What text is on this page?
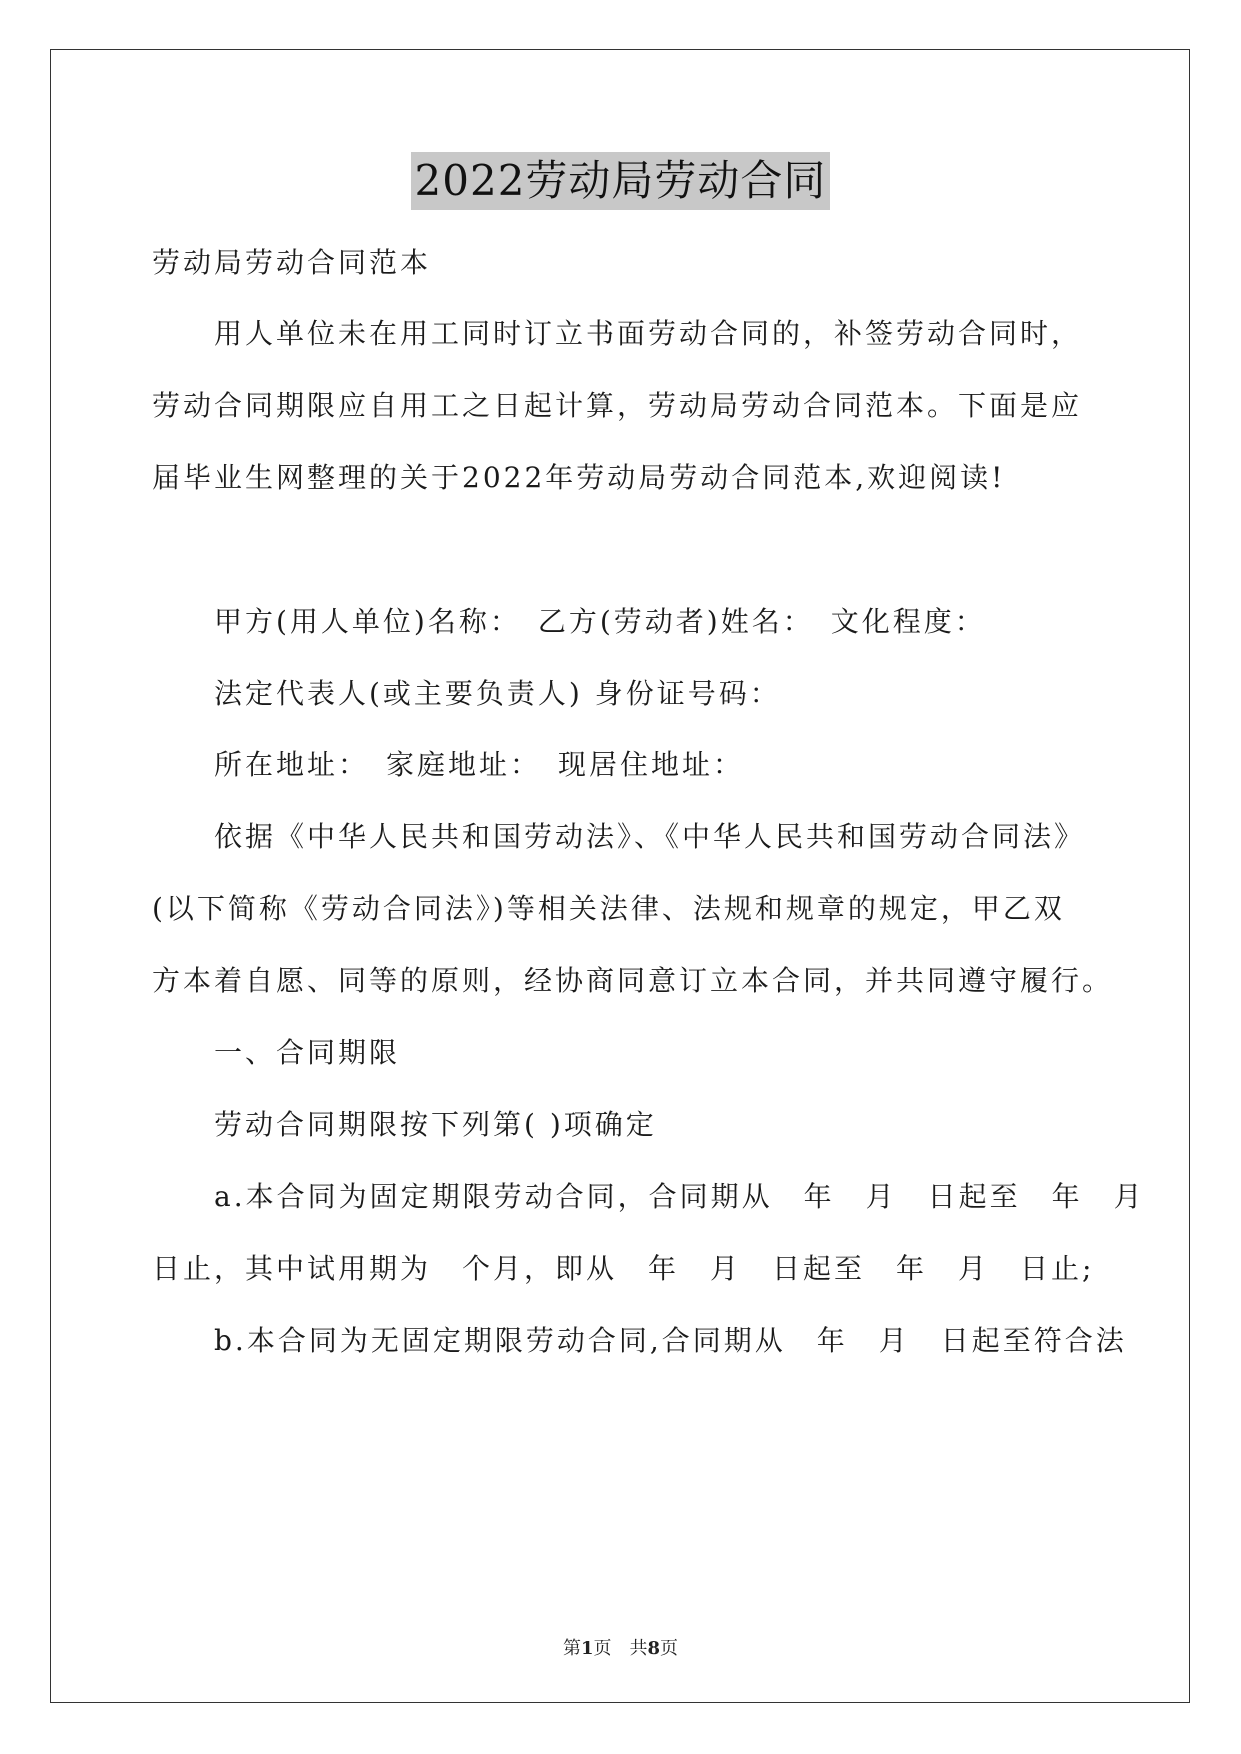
2022劳动局劳动合同
劳动局劳动合同范本
　　用人单位未在用工同时订立书面劳动合同的，补签劳动合同时，
劳动合同期限应自用工之日起计算，劳动局劳动合同范本。下面是应
届毕业生网整理的关于2022年劳动局劳动合同范本,欢迎阅读!
　　甲方(用人单位)名称：　乙方(劳动者)姓名：　文化程度：
　　法定代表人(或主要负责人) 身份证号码：
　　所在地址：　家庭地址：　现居住地址：
　　依据《中华人民共和国劳动法》、《中华人民共和国劳动合同法》
(以下简称《劳动合同法》)等相关法律、法规和规章的规定，甲乙双
方本着自愿、同等的原则，经协商同意订立本合同，并共同遵守履行。
　　一、合同期限
　　劳动合同期限按下列第( )项确定
　　a.本合同为固定期限劳动合同，合同期从　年　月　日起至　年　月
日止，其中试用期为　个月，即从　年　月　日起至　年　月　日止;
　　b.本合同为无固定期限劳动合同,合同期从　年　月　日起至符合法
第1页　共8页
